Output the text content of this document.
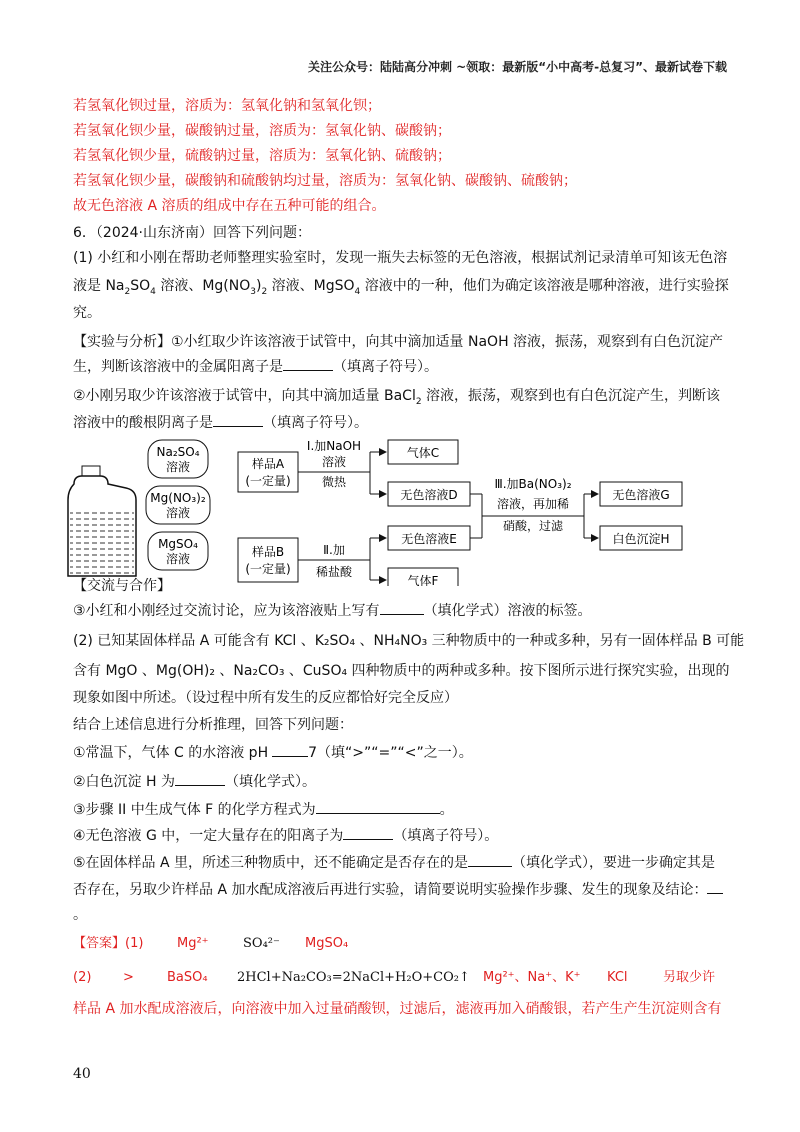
关注公众号：陆陆高分冲刺 ~领取：最新版“小中高考-总复习”、最新试卷下载
若氢氧化钡过量，溶质为：氢氧化钠和氢氧化钡；
若氢氧化钡少量，碳酸钠过量，溶质为：氢氧化钠、碳酸钠；
若氢氧化钡少量，硫酸钠过量，溶质为：氢氧化钠、硫酸钠；
若氢氧化钡少量，碳酸钠和硫酸钠均过量，溶质为：氢氧化钠、碳酸钠、硫酸钠；
故无色溶液 A 溶质的组成中存在五种可能的组合。
6．（2024·山东济南）回答下列问题：
(1) 小红和小刚在帮助老师整理实验室时，发现一瓶失去标签的无色溶液，根据试剂记录清单可知该无色溶
液是 $Na_2SO_4$ 溶液、$Mg(NO_3)_2$ 溶液、MgSO$_4$ 溶液中的一种，他们为确定该溶液是哪种溶液，进行实验探
究。
【实验与分析】①小红取少许该溶液于试管中，向其中滴加适量 NaOH 溶液，振荡，观察到有白色沉淀产
生，判断该溶液中的金属阳离子是	（填离子符号）。
②小刚另取少许该溶液于试管中，向其中滴加适量 BaCl$_2$ 溶液，振荡，观察到也有白色沉淀产生，判断该
溶液中的酸根阴离子是	（填离子符号）。
Na₂SO₄
溶液
Mg(NO₃)₂
溶液
MgSO₄
溶液
样品A
(一定量)
样品B
(一定量)
Ⅰ.加NaOH
溶液
微热
气体C
无色溶液D
Ⅱ.加
稀盐酸
无色溶液E
气体F
Ⅲ.加Ba(NO₃)₂
溶液，再加稀
硝酸，过滤
无色溶液G
白色沉淀H
【交流与合作】
③小红和小刚经过交流讨论，应为该溶液贴上写有	（填化学式）溶液的标签。
(2) 已知某固体样品 A 可能含有 KCl 、K₂SO₄ 、NH₄NO₃ 三种物质中的一种或多种，另有一固体样品 B 可能
含有 MgO 、Mg(OH)₂ 、Na₂CO₃ 、CuSO₄ 四种物质中的两种或多种。按下图所示进行探究实验，出现的
现象如图中所述。（设过程中所有发生的反应都恰好完全反应）
结合上述信息进行分析推理，回答下列问题：
①常温下，气体 C 的水溶液 pH	7（填“>”“=”“<”之一）。
②白色沉淀 H 为	（填化学式）。
③步骤 II 中生成气体 F 的化学方程式为	。
④无色溶液 G 中，一定大量存在的阳离子为	（填离子符号）。
⑤在固体样品 A 里，所述三种物质中，还不能确定是否存在的是	（填化学式），要进一步确定其是
否存在，另取少许样品 A 加水配成溶液后再进行实验，请简要说明实验操作步骤、发生的现象及结论：
。
【答案】(1)	Mg²⁺	SO₄²⁻ MgSO₄
(2) >	BaSO₄ 2HCl+Na₂CO₃=2NaCl+H₂O+CO₂↑ Mg²⁺、Na⁺、K⁺ KCl	另取少许
样品 A 加水配成溶液后，向溶液中加入过量硝酸钡，过滤后，滤液再加入硝酸银，若产生产生沉淀则含有
40
